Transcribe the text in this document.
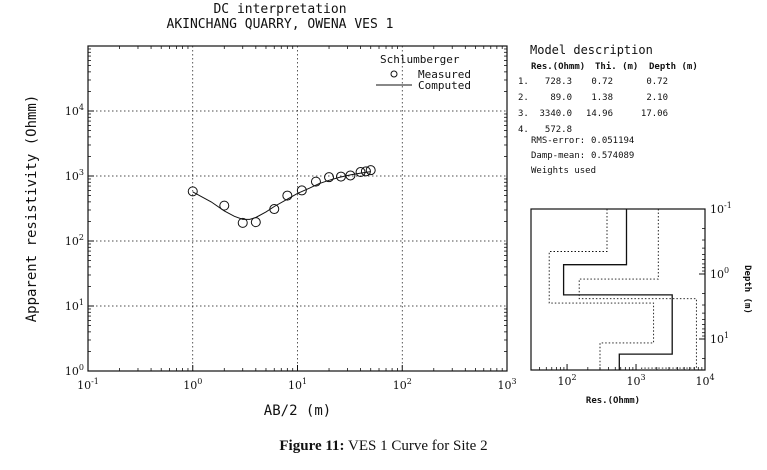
DC interpretation
AKINCHANG QUARRY, OWENA VES 1
$10^{-1}$	$10^0$	$10^1$	$10^2$	$10^3$
$10^0$
$10^1$
$10^2$
$10^3$
$10^4$
AB/2 (m)
Apparent resistivity (Ohmm)
Schlumberger
Measured
Computed
Model description
Res.(Ohmm) Thi. (m) Depth (m)
1. 728.3 0.72	0.72
2. 89.0 1.38	2.10
3. 3340.0 14.96	17.06
4. 572.8
RMS-error: 0.051194
Damp-mean: 0.574089
Weights used
$10^2$	$10^3$	$10^4$
$10^{-1}$
$10^0$
$10^1$
Res.(Ohmm)
Depth (m)
Figure 11: VES 1 Curve for Site 2
